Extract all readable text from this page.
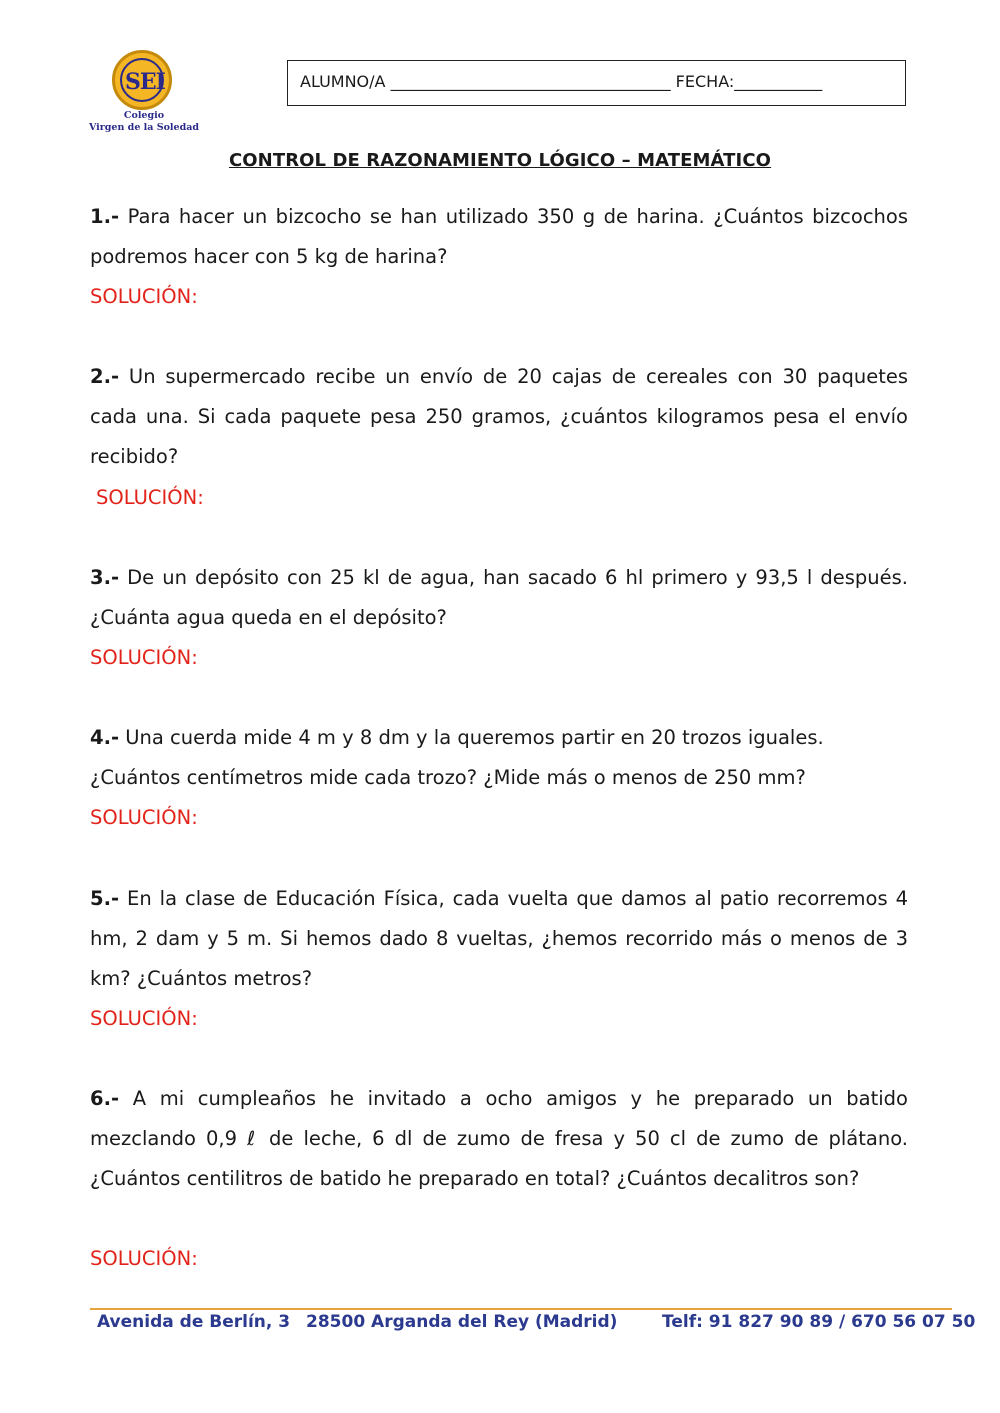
SEI
Colegio
Virgen de la Soledad
ALUMNO/A ___________________________________ FECHA:___________
CONTROL DE RAZONAMIENTO LÓGICO – MATEMÁTICO
1.- Para hacer un bizcocho se han utilizado 350 g de harina. ¿Cuántos bizcochos podremos hacer con 5 kg de harina?
SOLUCIÓN:
2.- Un supermercado recibe un envío de 20 cajas de cereales con 30 paquetes cada una. Si cada paquete pesa 250 gramos, ¿cuántos kilogramos pesa el envío recibido?
SOLUCIÓN:
3.- De un depósito con 25 kl de agua, han sacado 6 hl primero y 93,5 l después. ¿Cuánta agua queda en el depósito?
SOLUCIÓN:
4.- Una cuerda mide 4 m y 8 dm y la queremos partir en 20 trozos iguales. ¿Cuántos centímetros mide cada trozo? ¿Mide más o menos de 250 mm?
SOLUCIÓN:
5.- En la clase de Educación Física, cada vuelta que damos al patio recorremos 4 hm, 2 dam y 5 m. Si hemos dado 8 vueltas, ¿hemos recorrido más o menos de 3 km? ¿Cuántos metros?
SOLUCIÓN:
6.- A mi cumpleaños he invitado a ocho amigos y he preparado un batido mezclando 0,9 ℓ de leche, 6 dl de zumo de fresa y 50 cl de zumo de plátano. ¿Cuántos centilitros de batido he preparado en total? ¿Cuántos decalitros son?
SOLUCIÓN:
Avenida de Berlín, 3 28500 Arganda del Rey (Madrid)	Telf: 91 827 90 89 / 670 56 07 50
